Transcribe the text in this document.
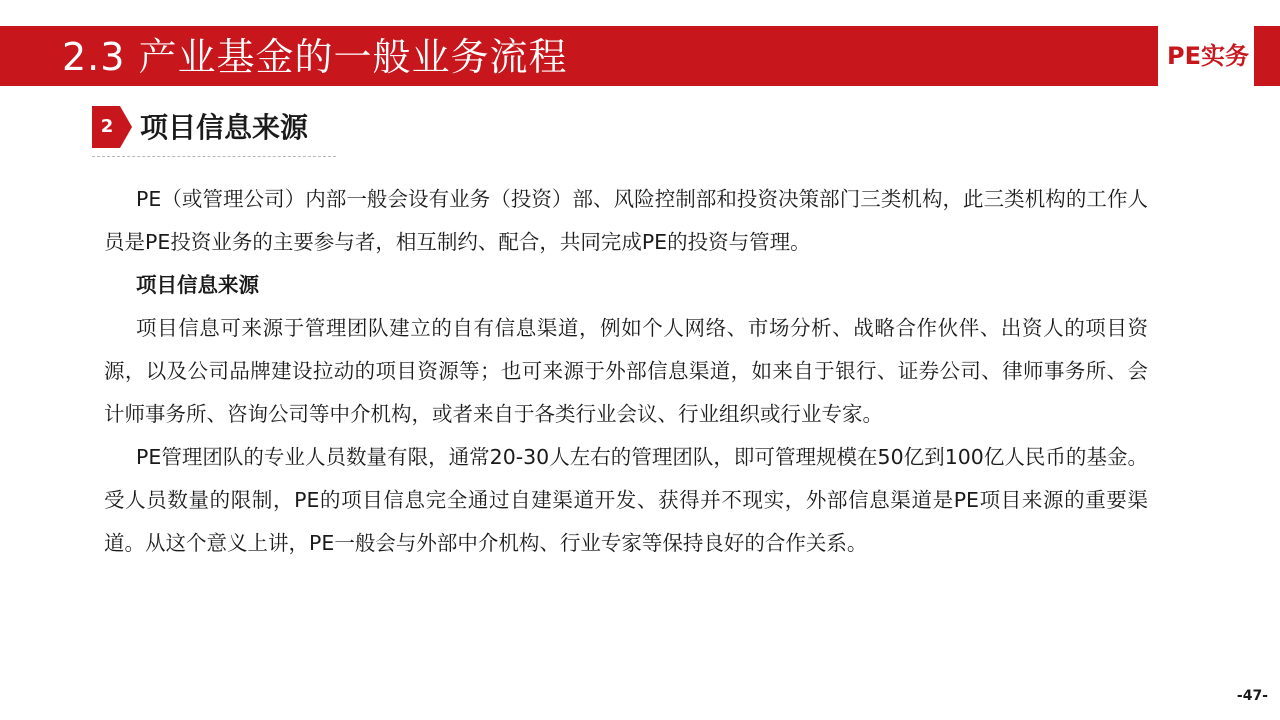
2.3 产业基金的一般业务流程	PE实务
2 项目信息来源

PE（或管理公司）内部一般会设有业务（投资）部、风险控制部和投资决策部门三类机构，此三类机构的工作人员是PE投资业务的主要参与者，相互制约、配合，共同完成PE的投资与管理。

项目信息来源

项目信息可来源于管理团队建立的自有信息渠道，例如个人网络、市场分析、战略合作伙伴、出资人的项目资源，以及公司品牌建设拉动的项目资源等；也可来源于外部信息渠道，如来自于银行、证券公司、律师事务所、会计师事务所、咨询公司等中介机构，或者来自于各类行业会议、行业组织或行业专家。

PE管理团队的专业人员数量有限，通常20-30人左右的管理团队，即可管理规模在50亿到100亿人民币的基金。受人员数量的限制，PE的项目信息完全通过自建渠道开发、获得并不现实，外部信息渠道是PE项目来源的重要渠道。从这个意义上讲，PE一般会与外部中介机构、行业专家等保持良好的合作关系。

-47-
